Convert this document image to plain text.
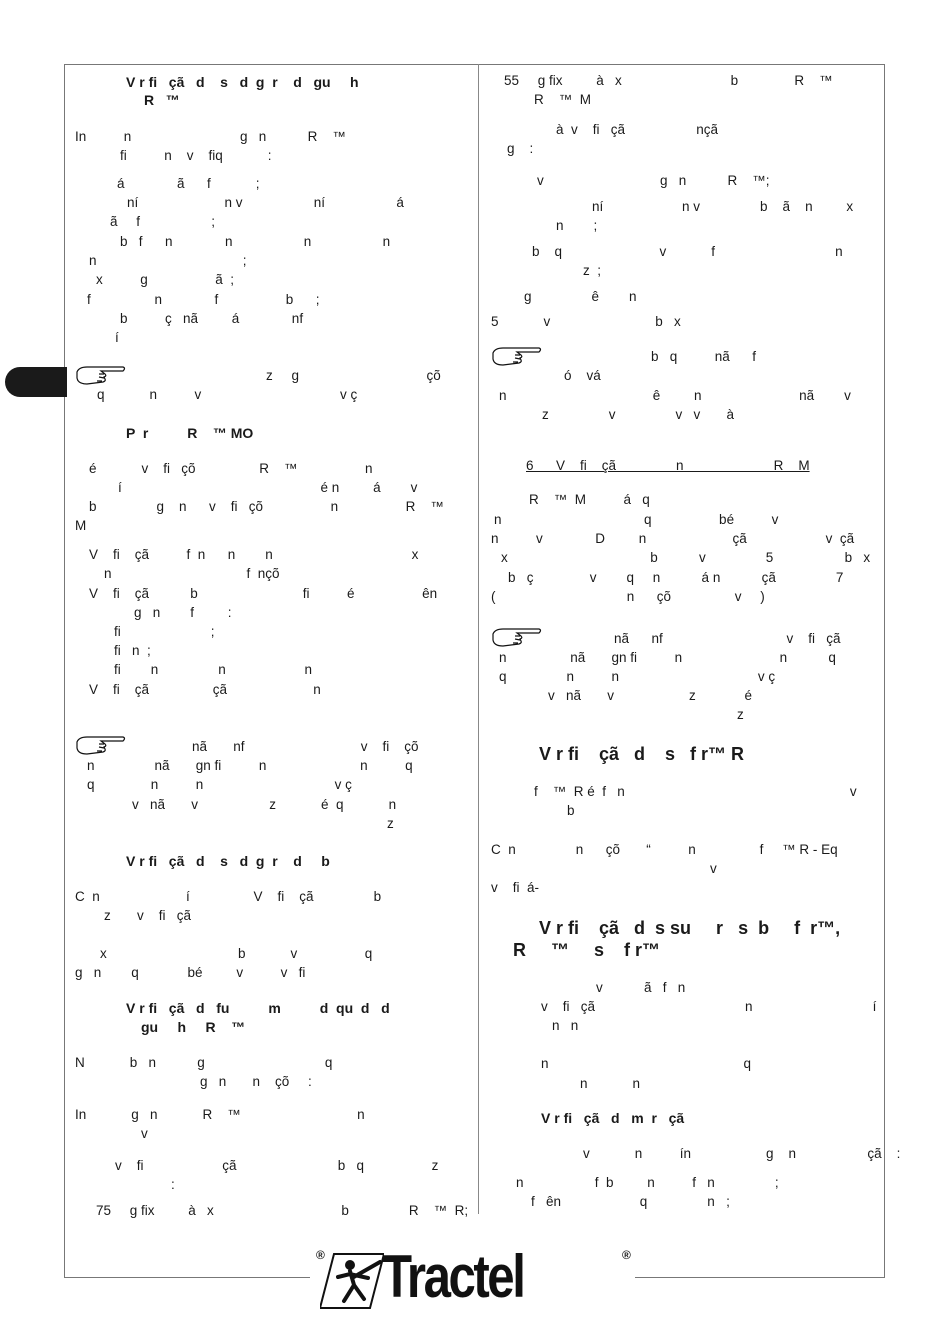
V r fi   çã   d    s   d  g  r    d   gu     h
R   ™
In          n                             g   n           R    ™
fi          n    v    fiq            :
á              ã      f            ;
ní                       n v                   ní                   á
ã     f                   ;
b   f      n              n                   n                   n
n                                       ;
x          g                  ã  ;
f                 n              f                  b      ;
b          ç   nã         á              nf
í
z     g                                  çõ
q            n          v                                     v ç
P  r          R    ™ MO
é            v    fi   çõ                 R    ™                  n
í                                                     é n         á        v
b                g    n      v    fi   çõ                  n                  R    ™
M
V    fi    çã          f  n      n        n                                     x
n                                    f  nçõ
V    fi    çã           b                            fi          é                  ên
g   n        f         :
fi                        ;
fi   n  ;
fi        n                n                     n
V    fi    çã                 çã                       n
nã       nf                               v    fi    çõ
n                nã       gn fi          n                         n          q
q               n          n                                   v ç
v   nã       v                   z            é  q            n
z
V r fi   çã   d    s   d  g  r    d     b
C  n                       í                 V    fi    çã                b
z       v    fi   çã
x                                   b            v                  q
g   n        q             bé         v          v   fi
V r fi   çã   d   fu          m          d  qu  d   d
gu     h     R    ™
N            b   n           g                                q
g   n       n    çõ     :
In            g   n            R    ™                               n
v
v    fi                     çã                           b   q                  z
:
75     g fix         à   x                                  b                R    ™  R;
55     g fix         à   x                             b               R    ™
R    ™  M
à  v    fi   çã                   nçã
g    :
v                               g   n           R    ™;
ní                     n v                b    ã    n         x
n        ;
b    q                          v            f                                n
z  ;
g                ê        n
5            v                            b   x
b   q          nã      f
ó    vá
n                                       ê         n                          nã        v
z                v                v   v       à
6      V    fi    çã                n                        R    M
R    ™  M          á   q
n                                      q                  bé          v
n          v              D         n                       çã                     v  çã
x                                      b           v                5                   b   x
b   ç               v        q     n           á n           çã                7
(                                   n      çõ                 v     )
nã      nf                                 v    fi   çã
n                 nã       gn fi          n                          n           q
q                n          n                                     v ç
v   nã       v                    z             é
z
V r fi    çã   d    s   f r™ R
f    ™  R é  f   n                                                            v
b
C  n                n      çõ       “          n                 f     ™ R - Eq
v
v    fi  á-
V r fi    çã   d  s su     r   s  b     f  r™,
R     ™     s    f r™
v           ã   f   n
v    fi   çã                                        n                                í
n   n
n                                                    q
n            n
V r fi   çã   d   m  r   çã
v            n          ín                    g    n                   çã    :
n                   f  b         n          f   n                ;
f   ên                     q                n   ;
® Tractel	®
